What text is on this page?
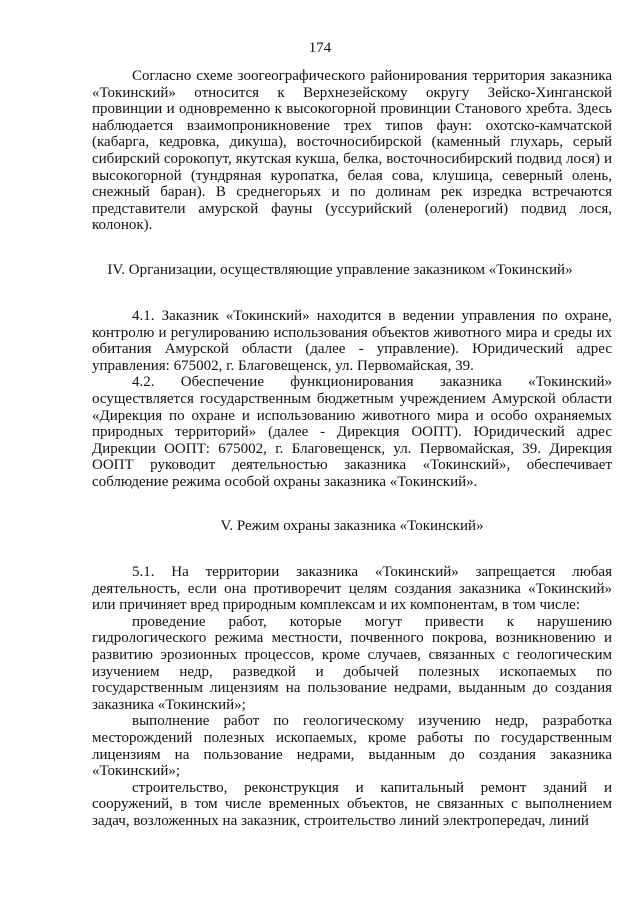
174

Согласно схеме зоогеографического районирования территория заказника «Токинский» относится к Верхнезейскому округу Зейско-Хинганской провинции и одновременно к высокогорной провинции Станового хребта. Здесь наблюдается взаимопроникновение трех типов фаун: охотско-камчатской (кабарга, кедровка, дикуша), восточносибирской (каменный глухарь, серый сибирский сорокопут, якутская кукша, белка, восточносибирский подвид лося) и высокогорной (тундряная куропатка, белая сова, клушица, северный олень, снежный баран). В среднегорьях и по долинам рек изредка встречаются представители амурской фауны (уссурийский (оленерогий) подвид лося, колонок).

IV. Организации, осуществляющие управление заказником «Токинский»

4.1. Заказник «Токинский» находится в ведении управления по охране, контролю и регулированию использования объектов животного мира и среды их обитания Амурской области (далее - управление). Юридический адрес управления: 675002, г. Благовещенск, ул. Первомайская, 39.

4.2. Обеспечение функционирования заказника «Токинский» осуществляется государственным бюджетным учреждением Амурской области «Дирекция по охране и использованию животного мира и особо охраняемых природных территорий» (далее - Дирекция ООПТ). Юридический адрес Дирекции ООПТ: 675002, г. Благовещенск, ул. Первомайская, 39. Дирекция ООПТ руководит деятельностью заказника «Токинский», обеспечивает соблюдение режима особой охраны заказника «Токинский».

V. Режим охраны заказника «Токинский»

5.1. На территории заказника «Токинский» запрещается любая деятельность, если она противоречит целям создания заказника «Токинский» или причиняет вред природным комплексам и их компонентам, в том числе:

проведение работ, которые могут привести к нарушению гидрологического режима местности, почвенного покрова, возникновению и развитию эрозионных процессов, кроме случаев, связанных с геологическим изучением недр, разведкой и добычей полезных ископаемых по государственным лицензиям на пользование недрами, выданным до создания заказника «Токинский»;

выполнение работ по геологическому изучению недр, разработка месторождений полезных ископаемых, кроме работы по государственным лицензиям на пользование недрами, выданным до создания заказника «Токинский»;

строительство, реконструкция и капитальный ремонт зданий и сооружений, в том числе временных объектов, не связанных с выполнением задач, возложенных на заказник, строительство линий электропередач, линий
